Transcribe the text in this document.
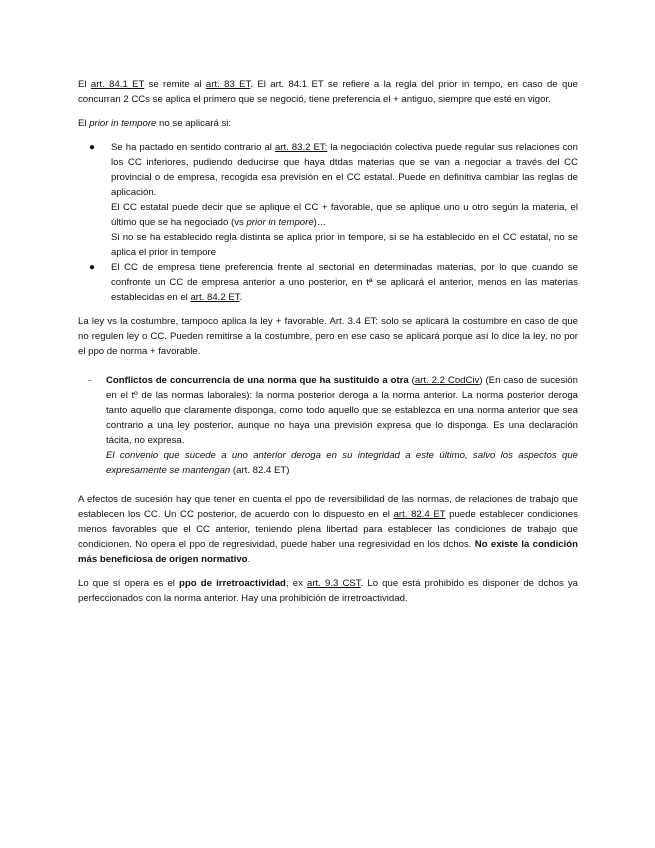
El art. 84.1 ET se remite al art. 83 ET. El art. 84.1 ET se refiere a la regla del prior in tempo, en caso de que concurran 2 CCs se aplica el primero que se negoció, tiene preferencia el + antiguo, siempre que esté en vigor.

El prior in tempore no se aplicará si:

● Se ha pactado en sentido contrario al art. 83.2 ET: la negociación colectiva puede regular sus relaciones con los CC inferiores, pudiendo deducirse que haya dtdas materias que se van a negociar a través del CC provincial o de empresa, recogida esa previsión en el CC estatal. Puede en definitiva cambiar las reglas de aplicación.
El CC estatal puede decir que se aplique el CC + favorable, que se aplique uno u otro según la materia, el último que se ha negociado (vs prior in tempore)…
Si no se ha establecido regla distinta se aplica prior in tempore, si se ha establecido en el CC estatal, no se aplica el prior in tempore
● El CC de empresa tiene preferencia frente al sectorial en determinadas materias, por lo que cuando se confronte un CC de empresa anterior a uno posterior, en tª se aplicará el anterior, menos en las materias establecidas en el art. 84.2 ET.

La ley vs la costumbre, tampoco aplica la ley + favorable. Art. 3.4 ET: solo se aplicará la costumbre en caso de que no regulen ley o CC. Pueden remitirse a la costumbre, pero en ese caso se aplicará porque así lo dice la ley, no por el ppo de norma + favorable.

- Conflictos de concurrencia de una norma que ha sustituido a otra (art. 2.2 CodCiv) (En caso de sucesión en el tº de las normas laborales): la norma posterior deroga a la norma anterior. La norma posterior deroga tanto aquello que claramente disponga, como todo aquello que se establezca en una norma anterior que sea contrario a una ley posterior, aunque no haya una previsión expresa que lo disponga. Es una declaración tácita, no expresa.
El convenio que sucede a uno anterior deroga en su integridad a este último, salvo los aspectos que expresamente se mantengan (art. 82.4 ET)

A efectos de sucesión hay que tener en cuenta el ppo de reversibilidad de las normas, de relaciones de trabajo que establecen los CC. Un CC posterior, de acuerdo con lo dispuesto en el art. 82.4 ET puede establecer condiciones menos favorables que el CC anterior, teniendo plena libertad para establecer las condiciones de trabajo que condicionen. No opera el ppo de regresividad, puede haber una regresividad en los dchos. No existe la condición más beneficiosa de origen normativo.

Lo que sí opera es el ppo de irretroactividad, ex art. 9.3 CST. Lo que está prohibido es disponer de dchos ya perfeccionados con la norma anterior. Hay una prohibición de irretroactividad.
